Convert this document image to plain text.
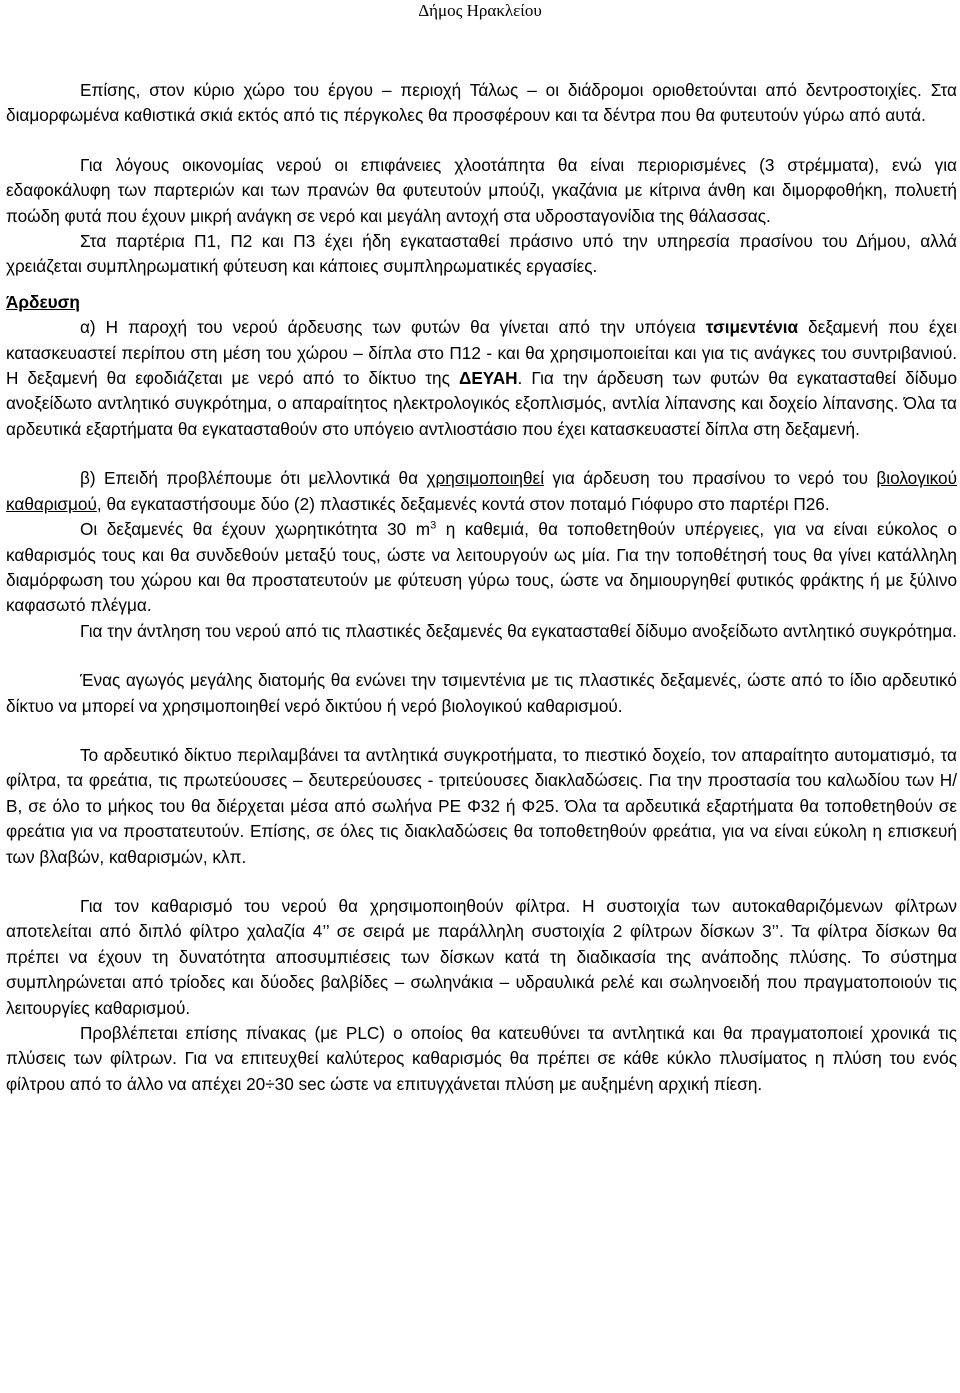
Δήμος Ηρακλείου

Επίσης, στον κύριο χώρο του έργου – περιοχή Τάλως – οι διάδρομοι οριοθετούνται από δεντροστοιχίες. Στα διαμορφωμένα καθιστικά σκιά εκτός από τις πέργκολες θα προσφέρουν και τα δέντρα που θα φυτευτούν γύρω από αυτά.

Για λόγους οικονομίας νερού οι επιφάνειες χλοοτάπητα θα είναι περιορισμένες (3 στρέμματα), ενώ για εδαφοκάλυφη των παρτεριών και των πρανών θα φυτευτούν μπούζι, γκαζάνια με κίτρινα άνθη και διμορφοθήκη, πολυετή ποώδη φυτά που έχουν μικρή ανάγκη σε νερό και μεγάλη αντοχή στα υδροσταγονίδια της θάλασσας.

Στα παρτέρια Π1, Π2 και Π3 έχει ήδη εγκατασταθεί πράσινο υπό την υπηρεσία πρασίνου του Δήμου, αλλά χρειάζεται συμπληρωματική φύτευση και κάποιες συμπληρωματικές εργασίες.

Άρδευση

α) Η παροχή του νερού άρδευσης των φυτών θα γίνεται από την υπόγεια τσιμεντένια δεξαμενή που έχει κατασκευαστεί περίπου στη μέση του χώρου – δίπλα στο Π12 - και θα χρησιμοποιείται και για τις ανάγκες του συντριβανιού. Η δεξαμενή θα εφοδιάζεται με νερό από το δίκτυο της ΔΕΥΑΗ. Για την άρδευση των φυτών θα εγκατασταθεί δίδυμο ανοξείδωτο αντλητικό συγκρότημα, ο απαραίτητος ηλεκτρολογικός εξοπλισμός, αντλία λίπανσης και δοχείο λίπανσης. Όλα τα αρδευτικά εξαρτήματα θα εγκατασταθούν στο υπόγειο αντλιοστάσιο που έχει κατασκευαστεί δίπλα στη δεξαμενή.

β) Επειδή προβλέπουμε ότι μελλοντικά θα χρησιμοποιηθεί για άρδευση του πρασίνου το νερό του βιολογικού καθαρισμού, θα εγκαταστήσουμε δύο (2) πλαστικές δεξαμενές κοντά στον ποταμό Γιόφυρο στο παρτέρι Π26.

Οι δεξαμενές θα έχουν χωρητικότητα 30 $m^3$ η καθεμιά, θα τοποθετηθούν υπέργειες, για να είναι εύκολος ο καθαρισμός τους και θα συνδεθούν μεταξύ τους, ώστε να λειτουργούν ως μία. Για την τοποθέτησή τους θα γίνει κατάλληλη διαμόρφωση του χώρου και θα προστατευτούν με φύτευση γύρω τους, ώστε να δημιουργηθεί φυτικός φράκτης ή με ξύλινο καφασωτό πλέγμα.

Για την άντληση του νερού από τις πλαστικές δεξαμενές θα εγκατασταθεί δίδυμο ανοξείδωτο αντλητικό συγκρότημα.

Ένας αγωγός μεγάλης διατομής θα ενώνει την τσιμεντένια με τις πλαστικές δεξαμενές, ώστε από το ίδιο αρδευτικό δίκτυο να μπορεί να χρησιμοποιηθεί νερό δικτύου ή νερό βιολογικού καθαρισμού.

Το αρδευτικό δίκτυο περιλαμβάνει τα αντλητικά συγκροτήματα, το πιεστικό δοχείο, τον απαραίτητο αυτοματισμό, τα φίλτρα, τα φρεάτια, τις πρωτεύουσες – δευτερεύουσες - τριτεύουσες διακλαδώσεις. Για την προστασία του καλωδίου των Η/Β, σε όλο το μήκος του θα διέρχεται μέσα από σωλήνα PE Φ32 ή Φ25. Όλα τα αρδευτικά εξαρτήματα θα τοποθετηθούν σε φρεάτια για να προστατευτούν. Επίσης, σε όλες τις διακλαδώσεις θα τοποθετηθούν φρεάτια, για να είναι εύκολη η επισκευή των βλαβών, καθαρισμών, κλπ.

Για τον καθαρισμό του νερού θα χρησιμοποιηθούν φίλτρα. Η συστοιχία των αυτοκαθαριζόμενων φίλτρων αποτελείται από διπλό φίλτρο χαλαζία 4’’ σε σειρά με παράλληλη συστοιχία 2 φίλτρων δίσκων 3’’. Τα φίλτρα δίσκων θα πρέπει να έχουν τη δυνατότητα αποσυμπιέσεις των δίσκων κατά τη διαδικασία της ανάποδης πλύσης. Το σύστημα συμπληρώνεται από τρίοδες και δύοδες βαλβίδες – σωληνάκια – υδραυλικά ρελέ και σωληνοειδή που πραγματοποιούν τις λειτουργίες καθαρισμού.

Προβλέπεται επίσης πίνακας (με PLC) ο οποίος θα κατευθύνει τα αντλητικά και θα πραγματοποιεί χρονικά τις πλύσεις των φίλτρων. Για να επιτευχθεί καλύτερος καθαρισμός θα πρέπει σε κάθε κύκλο πλυσίματος η πλύση του ενός φίλτρου από το άλλο να απέχει 20÷30 sec ώστε να επιτυγχάνεται πλύση με αυξημένη αρχική πίεση.
